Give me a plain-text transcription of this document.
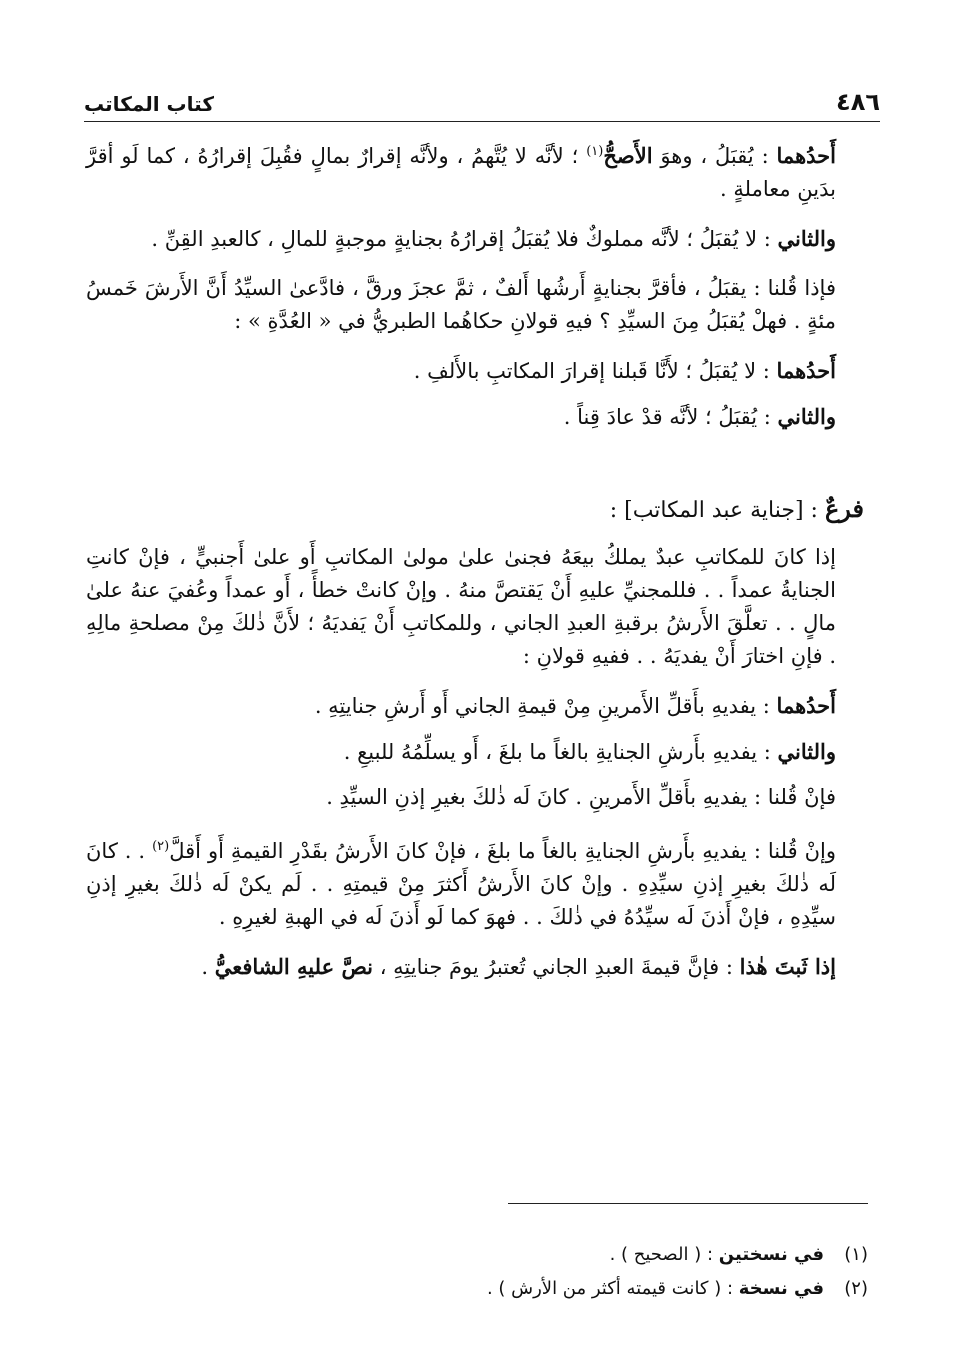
٤٨٦
كتاب المكاتب

أَحدُهما : يُقبَلُ ، وهوَ الأَصحُّ$^{(١)}$ ؛ لأنَّه لا يُتَّهمُ ، ولأنَّه إقرارٌ بمالٍ فقُبِلَ إقرارُهُ ، كما لَو أقرَّ بدَينِ معاملةٍ .

والثاني : لا يُقبَلُ ؛ لأنَّه مملوكٌ فلا يُقبَلُ إقرارُهُ بجنايةٍ موجبةٍ للمالِ ، كالعبدِ القِنِّ .

فإذا قُلنا : يقبَلُ ، فأقرَّ بجنايةٍ أَرشُها أَلفٌ ، ثمَّ عجزَ ورقَّ ، فادَّعىٰ السيِّدُ أَنَّ الأَرشَ خَمسُ مئةٍ . فهلْ يُقبَلُ مِنَ السيِّدِ ؟ فيهِ قولانِ حكاهُما الطبريُّ في « العُدَّةِ » :

أَحدُهما : لا يُقبَلُ ؛ لأَنَّا قَبلنا إقرارَ المكاتبِ بالأَلفِ .

والثاني : يُقبَلُ ؛ لأنَّه قدْ عادَ قِناً .

فرعٌ : [جناية عبد المكاتب] :

إذا كانَ للمكاتبِ عبدٌ يملكُ بيعَهُ فجنىٰ علىٰ مولىٰ المكاتبِ أَو علىٰ أَجنبيٍّ ، فإنْ كانتِ الجنايةُ عمداً . . فللمجنيِّ عليهِ أَنْ يَقتصَّ منهُ . وإنْ كانتْ خطأً ، أَو عمداً وعُفيَ عنهُ علىٰ مالٍ . . تعلَّقَ الأَرشُ برقبةِ العبدِ الجاني ، وللمكاتبِ أَنْ يَفديَهُ ؛ لأَنَّ ذٰلكَ مِنْ مصلحةِ مالِهِ . فإنِ اختارَ أَنْ يفديَهُ . . ففيهِ قولانِ :

أَحدُهما : يفديهِ بأَقلِّ الأَمرينِ مِنْ قيمةِ الجاني أَو أَرشِ جنايتِهِ .

والثاني : يفديهِ بأَرشِ الجنايةِ بالغاً ما بلغَ ، أَو يسلِّمُهُ للبيعِ .

فإنْ قُلنا : يفديهِ بأَقلِّ الأَمرينِ . كانَ لَه ذٰلكَ بغيرِ إذنِ السيِّدِ .

وإنْ قُلنا : يفديهِ بأَرشِ الجنايةِ بالغاً ما بلغَ ، فإنْ كانَ الأَرشُ بقَدْرِ القيمةِ أَو أَقلَّ$^{(٢)}$ . . كانَ لَه ذٰلكَ بغيرِ إذنِ سيِّدِهِ . وإنْ كانَ الأَرشُ أَكثرَ مِنْ قيمتِهِ . . لَم يكنْ لَه ذٰلكَ بغيرِ إذنِ سيِّدِهِ ، فإنْ أَذنَ لَه سيِّدُهُ في ذٰلكَ . . فهوَ كما لَو أَذنَ لَه في الهبةِ لغيرِهِ .

إذا ثَبتَ هٰذا : فإنَّ قيمةَ العبدِ الجاني تُعتبرُ يومَ جنايتِهِ ، نصَّ عليهِ الشافعيُّ .

(١)في نسختين : ( الصحيح ) .
(٢)في نسخة : ( كانت قيمته أكثر من الأرش ) .
